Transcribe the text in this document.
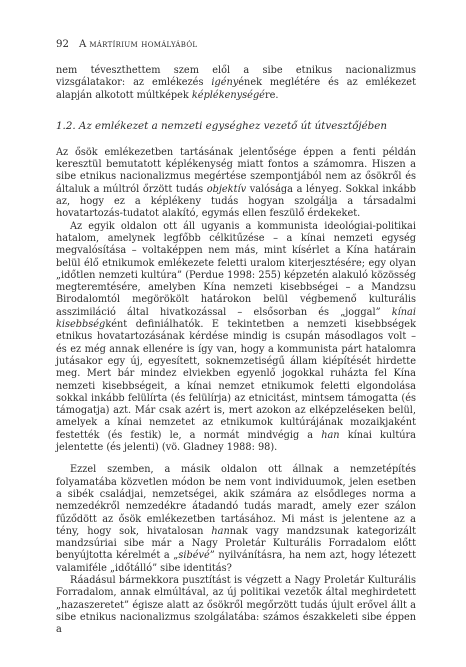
92 A mártírium homályából

nem téveszthettem szem elől a sibe etnikus nacionalizmus vizsgálatakor: az emlékezés igényének meglétére és az emlékezet alapján alkotott múltképek képlékenységére.

1.2. Az emlékezet a nemzeti egységhez vezető út útvesztőjében

Az ősök emlékezetben tartásának jelentősége éppen a fenti példán keresztül bemutatott képlékenység miatt fontos a számomra. Hiszen a sibe etnikus nacionalizmus megértése szempontjából nem az ősökről és általuk a múltról őrzött tudás objektív valósága a lényeg. Sokkal inkább az, hogy ez a képlékeny tudás hogyan szolgálja a társadalmi hovatartozás-tudatot alakító, egymás ellen feszülő érdekeket.

Az egyik oldalon ott áll ugyanis a kommunista ideológiai-politikai hatalom, amelynek legfőbb célkitűzése – a kínai nemzeti egység megvalósítása – voltaképpen nem más, mint kísérlet a Kína határain belül élő etnikumok emlékezete feletti uralom kiterjesztésére; egy olyan „időtlen nemzeti kultúra” (Perdue 1998: 255) képzetén alakuló közösség megteremtésére, amelyben Kína nemzeti kisebbségei – a Mandzsu Birodalomtól megörökölt határokon belül végbemenő kulturális asszimiláció által hivatkozással – elsősorban és „joggal” kínai kisebbségként definiálhatók. E tekintetben a nemzeti kisebbségek etnikus hovatartozásának kérdése mindig is csupán másodlagos volt – és ez még annak ellenére is így van, hogy a kommunista párt hatalomra jutásakor egy új, egyesített, soknemzetiségű állam kiépítését hirdette meg. Mert bár mindez elviekben egyenlő jogokkal ruházta fel Kína nemzeti kisebbségeit, a kínai nemzet etnikumok feletti elgondolása sokkal inkább felülírta (és felülírja) az etnicitást, mintsem támogatta (és támogatja) azt. Már csak azért is, mert azokon az elképzeléseken belül, amelyek a kínai nemzetet az etnikumok kultúrájának mozaikjaként festették (és festik) le, a normát mindvégig a han kínai kultúra jelentette (és jelenti) (vö. Gladney 1988: 98).

Ezzel szemben, a másik oldalon ott állnak a nemzetépítés folyamatába közvetlen módon be nem vont individuumok, jelen esetben a sibék családjai, nemzetségei, akik számára az elsődleges norma a nemzedékről nemzedékre átadandó tudás maradt, amely ezer szálon fűződött az ősök emlékezetben tartásához. Mi mást is jelentene az a tény, hogy sok, hivatalosan hannak vagy mandzsunak kategorizált mandzsúriai sibe már a Nagy Proletár Kulturális Forradalom előtt benyújtotta kérelmét a „sibévé” nyilvánításra, ha nem azt, hogy létezett valamiféle „időtálló” sibe identitás?

Ráadásul bármekkora pusztítást is végzett a Nagy Proletár Kulturális Forradalom, annak elmúltával, az új politikai vezetők által meghirdetett „hazaszeretet” égisze alatt az ősökről megőrzött tudás újult erővel állt a sibe etnikus nacionalizmus szolgálatába: számos északkeleti sibe éppen a
